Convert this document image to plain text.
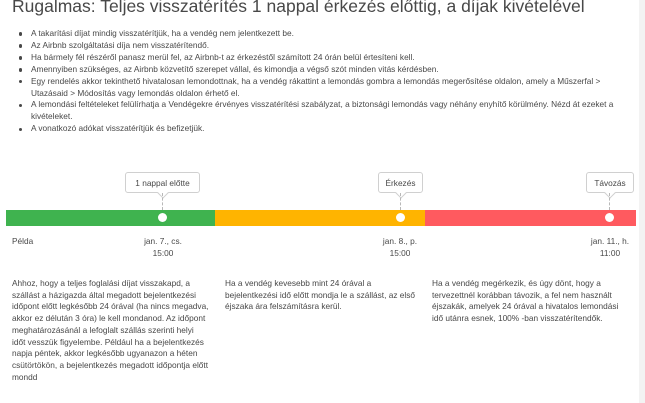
Rugalmas: Teljes visszatérítés 1 nappal érkezés előttig, a díjak kivételével
A takarítási díjat mindig visszatérítjük, ha a vendég nem jelentkezett be.
Az Airbnb szolgáltatási díja nem visszatérítendő.
Ha bármely fél részéről panasz merül fel, az Airbnb-t az érkezéstől számított 24 órán belül értesíteni kell.
Amennyiben szükséges, az Airbnb közvetítő szerepet vállal, és kimondja a végső szót minden vitás kérdésben.
Egy rendelés akkor tekinthető hivatalosan lemondottnak, ha a vendég rákattint a lemondás gombra a lemondás megerősítése oldalon, amely a Műszerfal > Utazásaid > Módosítás vagy lemondás oldalon érhető el.
A lemondási feltételeket felülírhatja a Vendégekre érvényes visszatérítési szabályzat, a biztonsági lemondás vagy néhány enyhítő körülmény. Nézd át ezeket a kivételeket.
A vonatkozó adókat visszatérítjük és befizetjük.
1 nappal előtte	Érkezés	Távozás
Példa	jan. 7., cs.
15:00
jan. 8., p.
15:00
jan. 11., h.
11:00
Ahhoz, hogy a teljes foglalási díjat visszakapd, a szállást a házigazda által megadott bejelentkezési időpont előtt legkésőbb 24 órával (ha nincs megadva, akkor ez délután 3 óra) le kell mondanod. Az időpont meghatározásánál a lefoglalt szállás szerinti helyi időt vesszük figyelembe. Például ha a bejelentkezés napja péntek, akkor legkésőbb ugyanazon a héten csütörtökön, a bejelentkezés megadott időpontja előtt mondd
Ha a vendég kevesebb mint 24 órával a bejelentkezési idő előtt mondja le a szállást, az első éjszaka ára felszámításra kerül.
Ha a vendég megérkezik, és úgy dönt, hogy a tervezettnél korábban távozik, a fel nem használt éjszakák, amelyek 24 órával a hivatalos lemondási idő utánra esnek, 100% -ban visszatérítendők.
